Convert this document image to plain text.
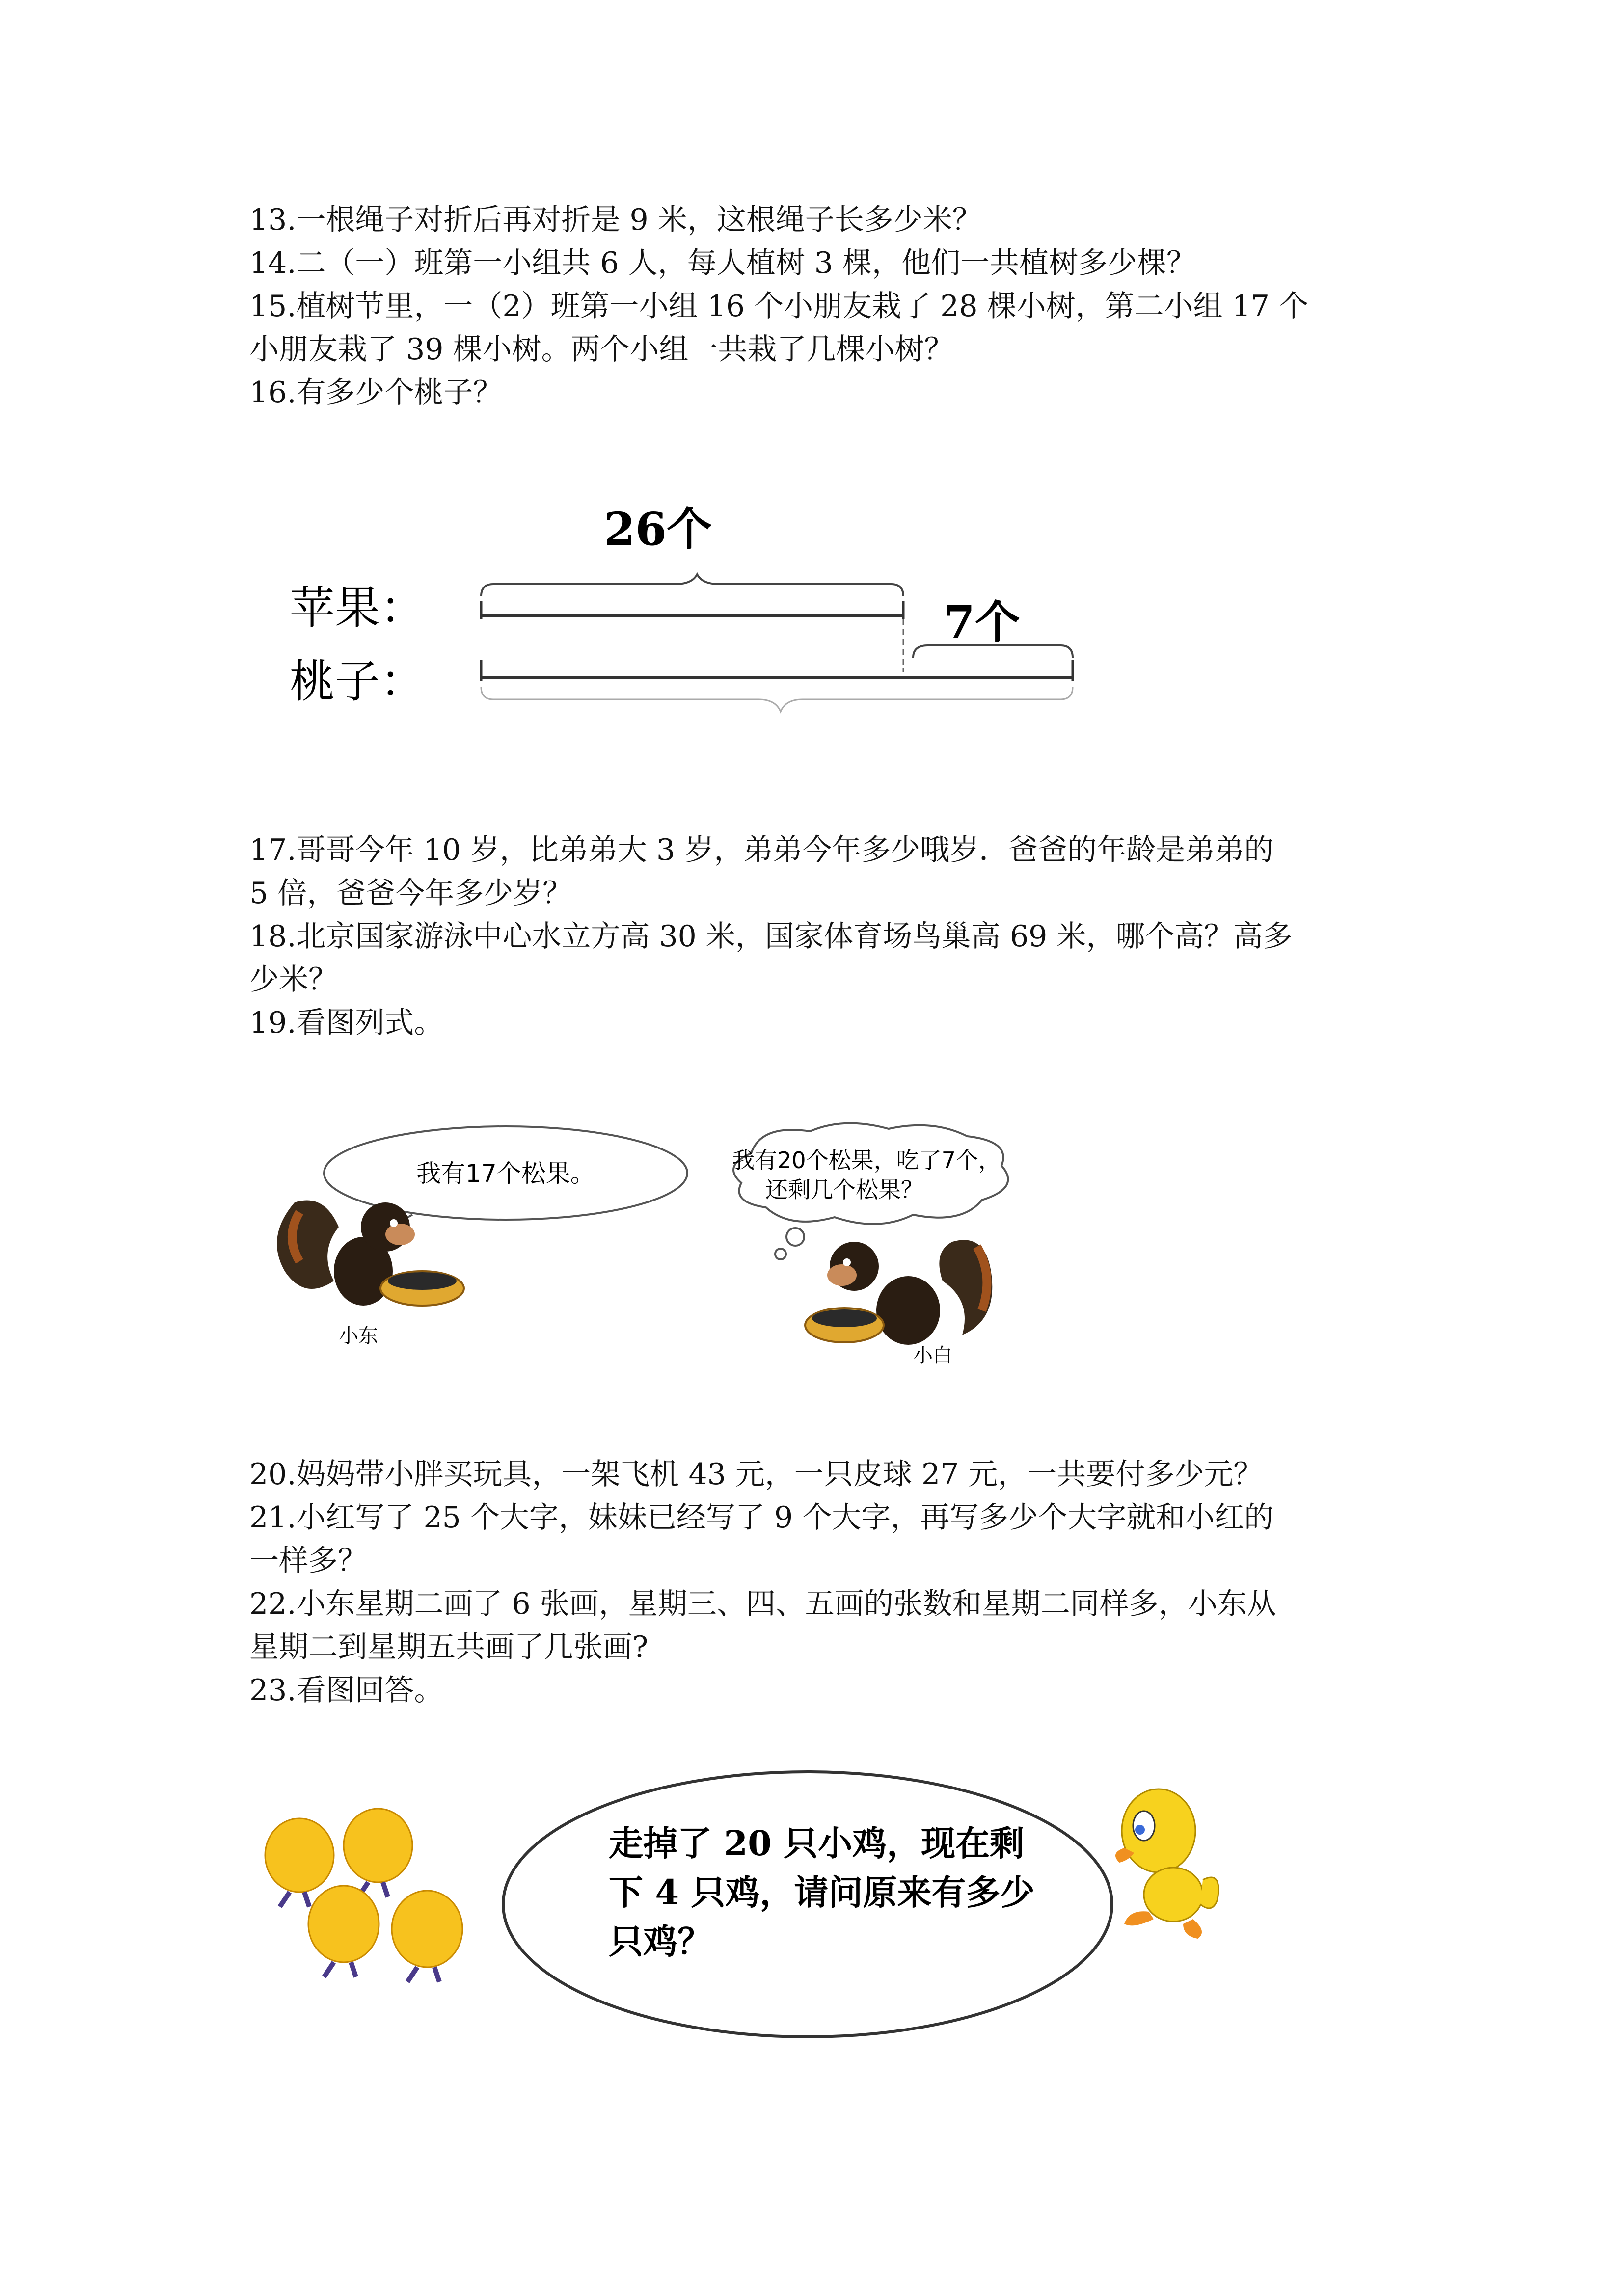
13.一根绳子对折后再对折是 9 米，这根绳子长多少米？

14.二（一）班第一小组共 6 人，每人植树 3 棵，他们一共植树多少棵？

15.植树节里，一（2）班第一小组 16 个小朋友栽了 28 棵小树，第二小组 17 个

小朋友栽了 39 棵小树。两个小组一共栽了几棵小树？

16.有多少个桃子？

26个
苹果：	7个
桃子：

17.哥哥今年 10 岁，比弟弟大 3 岁，弟弟今年多少哦岁．爸爸的年龄是弟弟的

5 倍，爸爸今年多少岁？

18.北京国家游泳中心水立方高 30 米，国家体育场鸟巢高 69 米，哪个高？高多

少米？

19.看图列式。

我有17个松果。
小东
我有20个松果，吃了7个，
还剩几个松果？
小白

20.妈妈带小胖买玩具，一架飞机 43 元，一只皮球 27 元，一共要付多少元？

21.小红写了 25 个大字，妹妹已经写了 9 个大字，再写多少个大字就和小红的

一样多？

22.小东星期二画了 6 张画，星期三、四、五画的张数和星期二同样多，小东从

星期二到星期五共画了几张画?

23.看图回答。

走掉了 20 只小鸡，现在剩
下 4 只鸡，请问原来有多少
只鸡？
